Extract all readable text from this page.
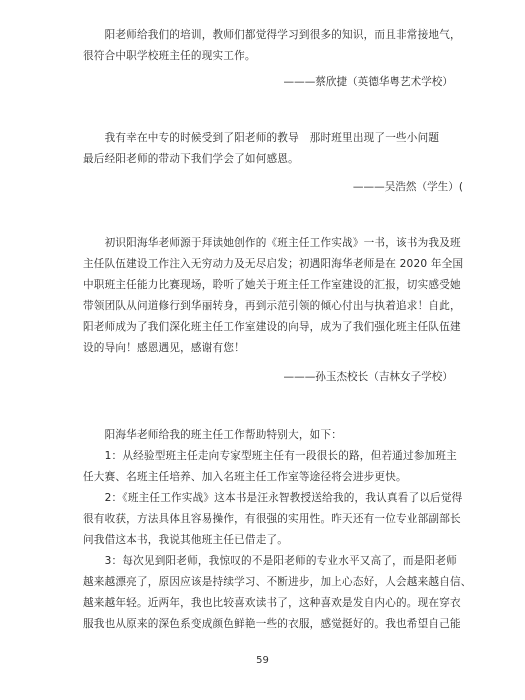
　　阳老师给我们的培训，教师们都觉得学习到很多的知识，而且非常接地气，
很符合中职学校班主任的现实工作。

———蔡欣捷（英德华粤艺术学校）

　　我有幸在中专的时候受到了阳老师的教导　那时班里出现了一些小问题
最后经阳老师的带动下我们学会了如何感恩。

———吴浩然（学生）(

　　初识阳海华老师源于拜读她创作的《班主任工作实战》一书，该书为我及班
主任队伍建设工作注入无穷动力及无尽启发；初遇阳海华老师是在 2020 年全国
中职班主任能力比赛现场，聆听了她关于班主任工作室建设的汇报，切实感受她
带领团队从问道修行到华丽转身，再到示范引领的倾心付出与执着追求！自此，
阳老师成为了我们深化班主任工作室建设的向导，成为了我们强化班主任队伍建
设的导向！感恩遇见，感谢有您！

———孙玉杰校长（吉林女子学校）

　　阳海华老师给我的班主任工作帮助特别大，如下：
　　1：从经验型班主任走向专家型班主任有一段很长的路，但若通过参加班主
任大赛、名班主任培养、加入名班主任工作室等途径将会进步更快。
　　2：《班主任工作实战》这本书是汪永智教授送给我的，我认真看了以后觉得
很有收获，方法具体且容易操作，有很强的实用性。昨天还有一位专业部副部长
问我借这本书，我说其他班主任已借走了。
　　3：每次见到阳老师，我惊叹的不是阳老师的专业水平又高了，而是阳老师
越来越漂亮了，原因应该是持续学习、不断进步，加上心态好，人会越来越自信、
越来越年轻。近两年，我也比较喜欢读书了，这种喜欢是发自内心的。现在穿衣
服我也从原来的深色系变成颜色鲜艳一些的衣服，感觉挺好的。我也希望自己能

59
